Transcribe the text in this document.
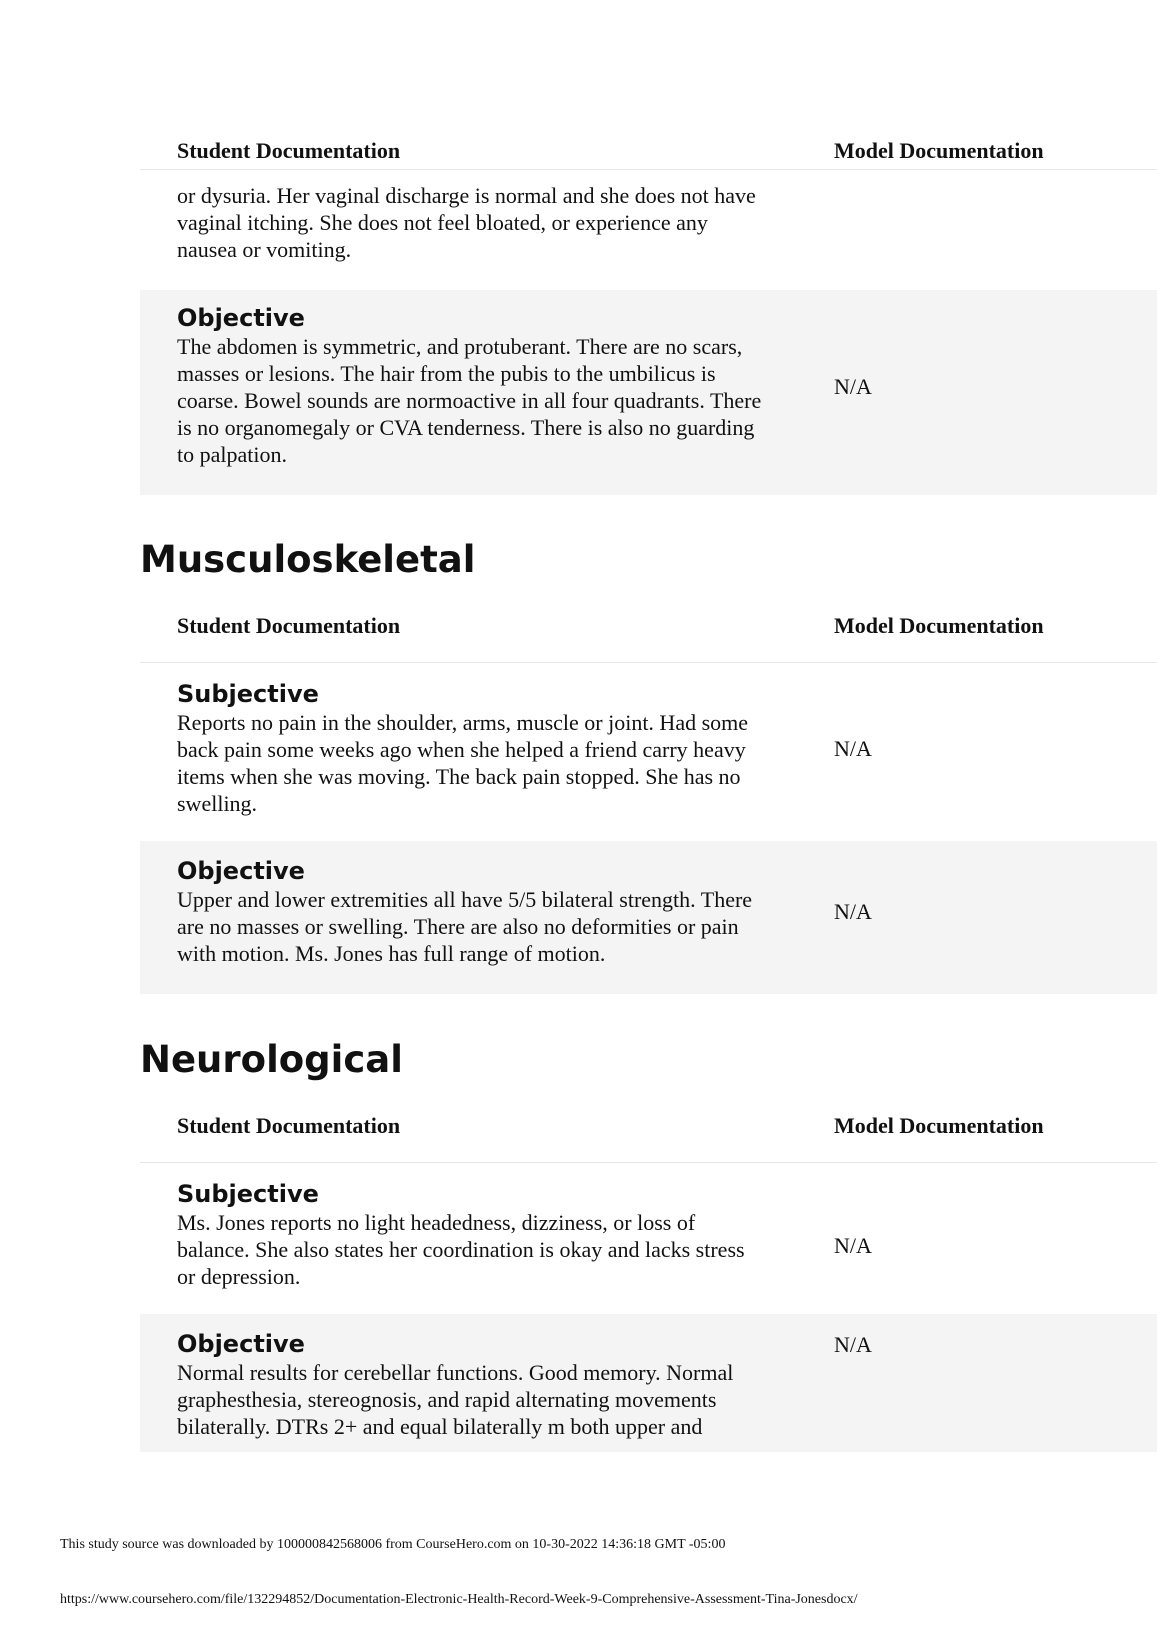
Student Documentation	Model Documentation

or dysuria. Her vaginal discharge is normal and she does not have vaginal itching. She does not feel bloated, or experience any nausea or vomiting.

Objective

The abdomen is symmetric, and protuberant. There are no scars, masses or lesions. The hair from the pubis to the umbilicus is coarse. Bowel sounds are normoactive in all four quadrants. There is no organomegaly or CVA tenderness. There is also no guarding to palpation.

N/A
Musculoskeletal
Student Documentation	Model Documentation
Subjective

Reports no pain in the shoulder, arms, muscle or joint. Had some back pain some weeks ago when she helped a friend carry heavy items when she was moving. The back pain stopped. She has no swelling.

N/A
Objective

Upper and lower extremities all have 5/5 bilateral strength. There are no masses or swelling. There are also no deformities or pain with motion. Ms. Jones has full range of motion.

N/A
Neurological
Student Documentation	Model Documentation
Subjective

Ms. Jones reports no light headedness, dizziness, or loss of balance. She also states her coordination is okay and lacks stress or depression.

N/A
Objective

Normal results for cerebellar functions. Good memory. Normal graphesthesia, stereognosis, and rapid alternating movements bilaterally. DTRs 2+ and equal bilaterally m both upper and

N/A
This study source was downloaded by 100000842568006 from CourseHero.com on 10-30-2022 14:36:18 GMT -05:00
https://www.coursehero.com/file/132294852/Documentation-Electronic-Health-Record-Week-9-Comprehensive-Assessment-Tina-Jonesdocx/
